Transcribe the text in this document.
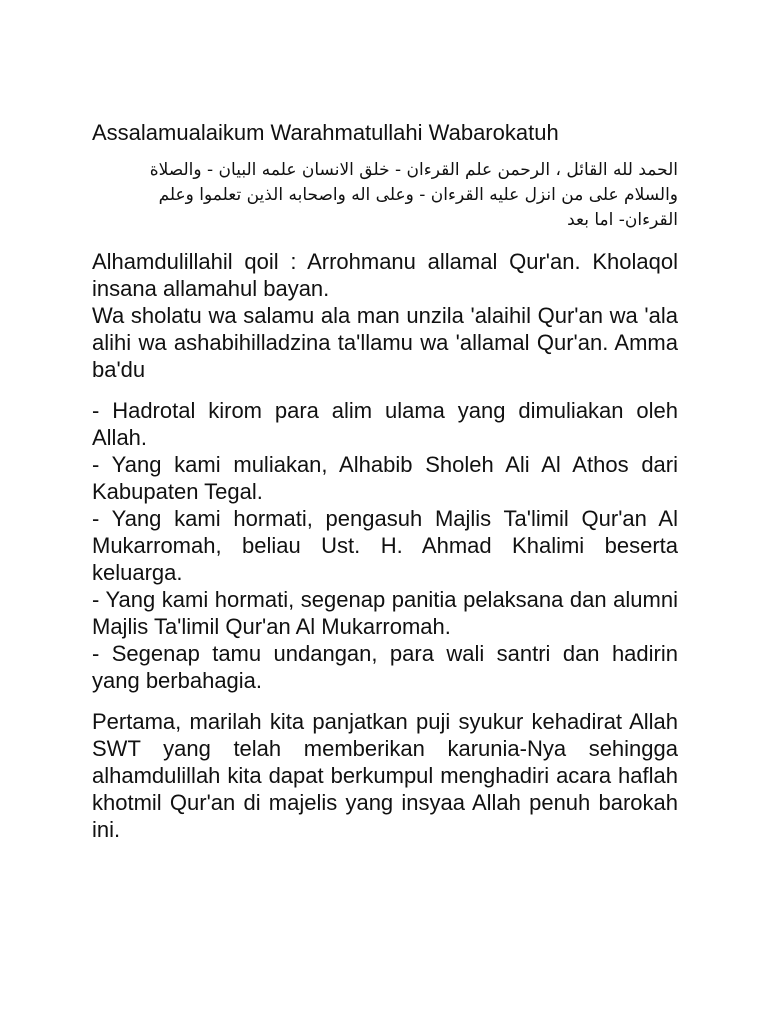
Assalamualaikum Warahmatullahi Wabarokatuh

الحمد لله القائل ، الرحمن علم القرءان - خلق الانسان علمه البيان - والصلاة والسلام على من انزل عليه القرءان - وعلى اله واصحابه الذين تعلموا وعلم القرءان- اما بعد

Alhamdulillahil qoil : Arrohmanu allamal Qur'an. Kholaqol insana allamahul bayan.
Wa sholatu wa salamu ala man unzila 'alaihil Qur'an wa 'ala alihi wa ashabihilladzina ta'llamu wa 'allamal Qur'an. Amma ba'du
- Hadrotal kirom para alim ulama yang dimuliakan oleh Allah.
- Yang kami muliakan, Alhabib Sholeh Ali Al Athos dari Kabupaten Tegal.
- Yang kami hormati, pengasuh Majlis Ta'limil Qur'an Al Mukarromah, beliau Ust. H. Ahmad Khalimi beserta keluarga.
- Yang kami hormati, segenap panitia pelaksana dan alumni Majlis Ta'limil Qur'an Al Mukarromah.
- Segenap tamu undangan, para wali santri dan hadirin yang berbahagia.

Pertama, marilah kita panjatkan puji syukur kehadirat Allah SWT yang telah memberikan karunia-Nya sehingga alhamdulillah kita dapat berkumpul menghadiri acara haflah khotmil Qur'an di majelis yang insyaa Allah penuh barokah ini.
